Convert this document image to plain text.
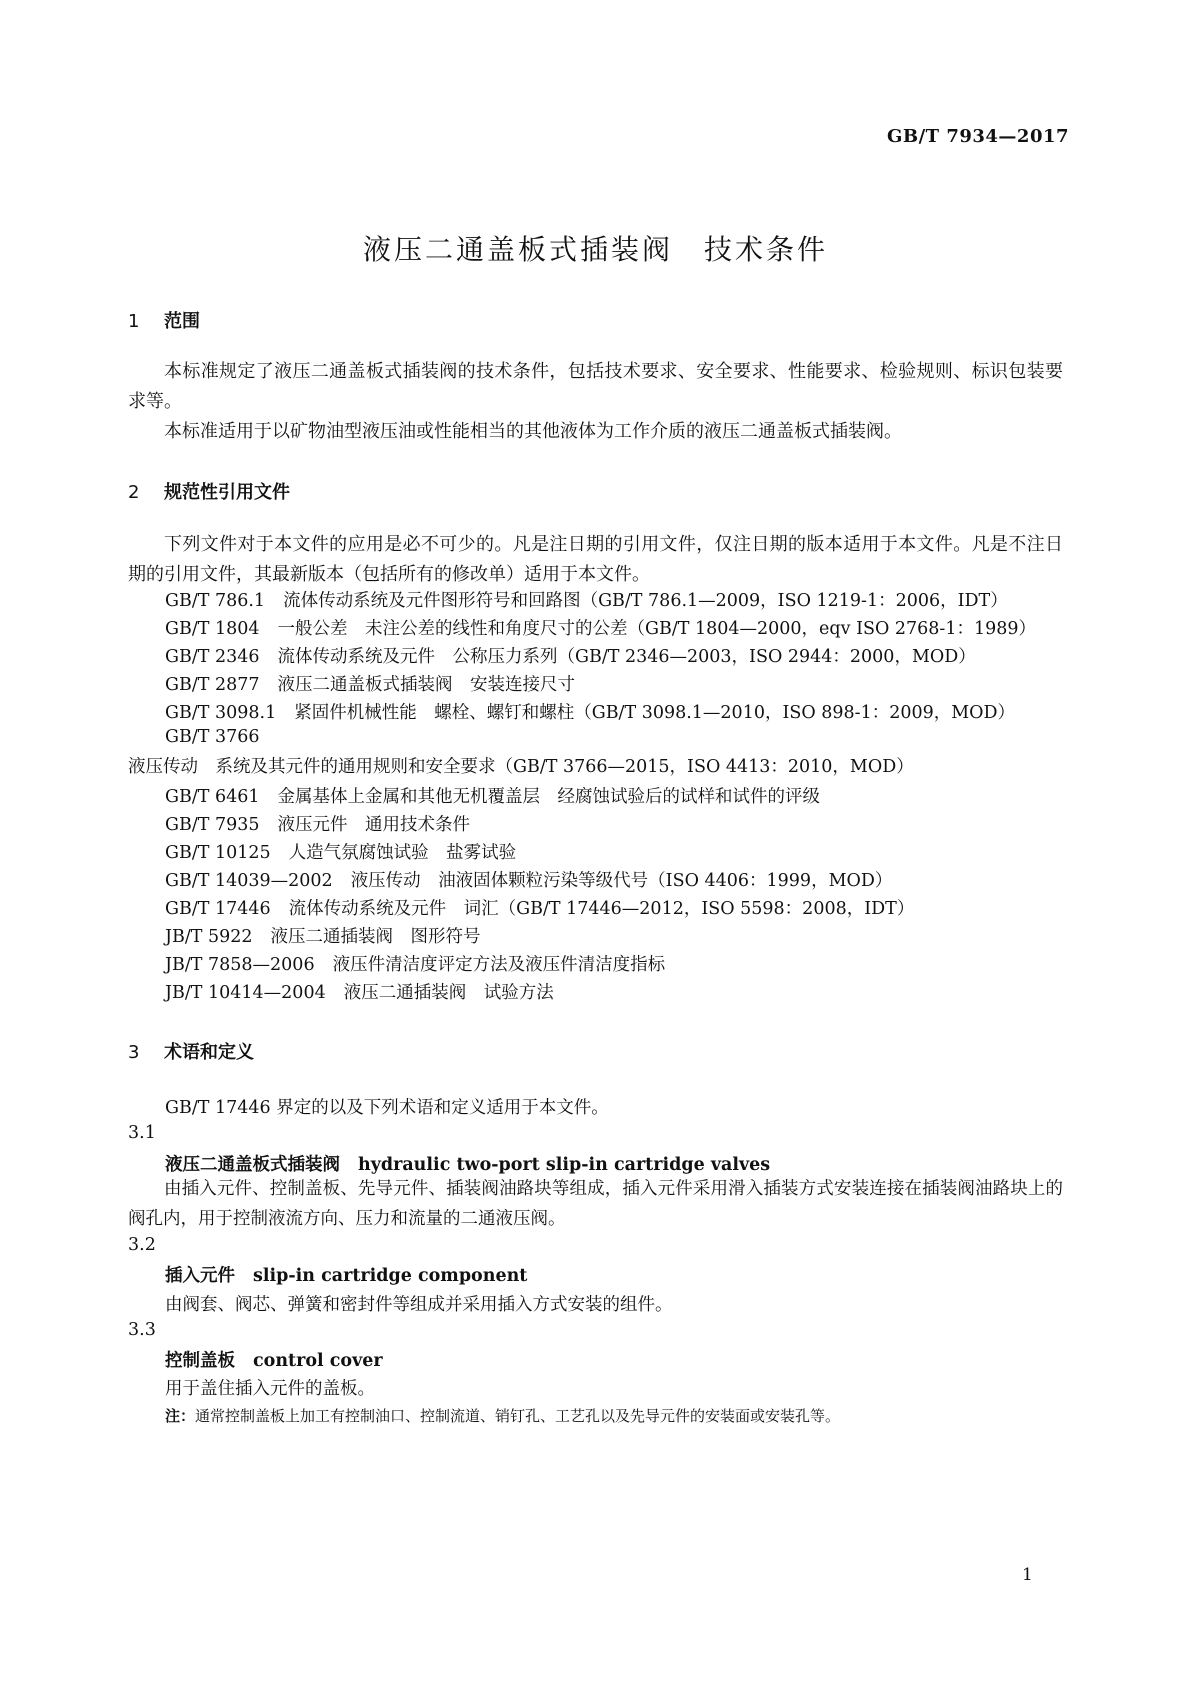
GB/T 7934—2017
液压二通盖板式插装阀　技术条件
1 范围
本标准规定了液压二通盖板式插装阀的技术条件，包括技术要求、安全要求、性能要求、检验规则、标识包装要求等。
本标准适用于以矿物油型液压油或性能相当的其他液体为工作介质的液压二通盖板式插装阀。
2 规范性引用文件
下列文件对于本文件的应用是必不可少的。凡是注日期的引用文件，仅注日期的版本适用于本文件。凡是不注日期的引用文件，其最新版本（包括所有的修改单）适用于本文件。
GB/T 786.1 流体传动系统及元件图形符号和回路图（GB/T 786.1—2009，ISO 1219-1：2006，IDT）
GB/T 1804 一般公差　未注公差的线性和角度尺寸的公差（GB/T 1804—2000，eqv ISO 2768-1：1989）
GB/T 2346 流体传动系统及元件　公称压力系列（GB/T 2346—2003，ISO 2944：2000，MOD）
GB/T 2877 液压二通盖板式插装阀　安装连接尺寸
GB/T 3098.1 紧固件机械性能　螺栓、螺钉和螺柱（GB/T 3098.1—2010，ISO 898-1：2009，MOD）
GB/T 3766液压传动　系统及其元件的通用规则和安全要求（GB/T 3766—2015，ISO 4413：2010，MOD）
GB/T 6461 金属基体上金属和其他无机覆盖层　经腐蚀试验后的试样和试件的评级
GB/T 7935 液压元件　通用技术条件
GB/T 10125 人造气氛腐蚀试验　盐雾试验
GB/T 14039—2002 液压传动　油液固体颗粒污染等级代号（ISO 4406：1999，MOD）
GB/T 17446 流体传动系统及元件　词汇（GB/T 17446—2012，ISO 5598：2008，IDT）
JB/T 5922 液压二通插装阀　图形符号
JB/T 7858—2006 液压件清洁度评定方法及液压件清洁度指标
JB/T 10414—2004 液压二通插装阀　试验方法
3 术语和定义
GB/T 17446 界定的以及下列术语和定义适用于本文件。
3.1
液压二通盖板式插装阀 hydraulic two-port slip-in cartridge valves
由插入元件、控制盖板、先导元件、插装阀油路块等组成，插入元件采用滑入插装方式安装连接在插装阀油路块上的阀孔内，用于控制液流方向、压力和流量的二通液压阀。
3.2
插入元件 slip-in cartridge component
由阀套、阀芯、弹簧和密封件等组成并采用插入方式安装的组件。
3.3
控制盖板 control cover
用于盖住插入元件的盖板。
注：通常控制盖板上加工有控制油口、控制流道、销钉孔、工艺孔以及先导元件的安装面或安装孔等。
1
